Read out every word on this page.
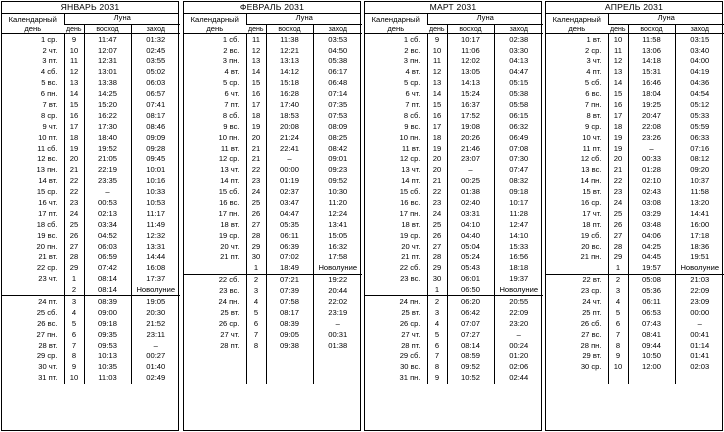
ЯНВАРЬ 2031
Календарный
день	Луна		
	день	восход	заход
1 ср.	9	11:47	01:32
2 чт.	10	12:07	02:45
3 пт.	11	12:31	03:55
4 сб.	12	13:01	05:02
5 вс.	13	13:38	06:03
6 пн.	14	14:25	06:57
7 вт.	15	15:20	07:41
8 ср.	16	16:22	08:17
9 чт.	17	17:30	08:46
10 пт.	18	18:40	09:09
11 сб.	19	19:52	09:28
12 вс.	20	21:05	09:45
13 пн.	21	22:19	10:01
14 вт.	22	23:35	10:16
15 ср.	22	–	10:33
16 чт.	23	00:53	10:53
17 пт.	24	02:13	11:17
18 сб.	25	03:34	11:49
19 вс.	26	04:52	12:32
20 пн.	27	06:03	13:31
21 вт.	28	06:59	14:44
22 ср.	29	07:42	16:08
23 чт.	1	08:14	17:37
	2	08:14	Новолуние
24 пт.	3	08:39	19:05
25 сб.	4	09:00	20:30
26 вс.	5	09:18	21:52
27 пн.	6	09:35	23:11
28 вт.	7	09:53	–
29 ср.	8	10:13	00:27
30 чт.	9	10:35	01:40
31 пт.	10	11:03	02:49
ФЕВРАЛЬ 2031
Календарный
день	Луна		
	день	восход	заход
1 сб.	11	11:38	03:53
2 вс.	12	12:21	04:50
3 пн.	13	13:13	05:38
4 вт.	14	14:12	06:17
5 ср.	15	15:18	06:48
6 чт.	16	16:28	07:14
7 пт.	17	17:40	07:35
8 сб.	18	18:53	07:53
9 вс.	19	20:08	08:09
10 пн.	20	21:24	08:25
11 вт.	21	22:41	08:42
12 ср.	21	–	09:01
13 чт.	22	00:00	09:23
14 пт.	23	01:19	09:52
15 сб.	24	02:37	10:30
16 вс.	25	03:47	11:20
17 пн.	26	04:47	12:24
18 вт.	27	05:35	13:41
19 ср.	28	06:11	15:05
20 чт.	29	06:39	16:32
21 пт.	30	07:02	17:58
	1	18:49	Новолуние
22 сб.	2	07:21	19:22
23 вс.	3	07:39	20:44
24 пн.	4	07:58	22:02
25 вт.	5	08:17	23:19
26 ср.	6	08:39	–
27 чт.	7	09:05	00:31
28 пт.	8	09:38	01:38

МАРТ 2031
Календарный
день	Луна		
	день	восход	заход
1 сб.	9	10:17	02:38
2 вс.	10	11:06	03:30
3 пн.	11	12:02	04:13
4 вт.	12	13:05	04:47
5 ср.	13	14:13	05:15
6 чт.	14	15:24	05:38
7 пт.	15	16:37	05:58
8 сб.	16	17:52	06:15
9 вс.	17	19:08	06:32
10 пн.	18	20:26	06:49
11 вт.	19	21:46	07:08
12 ср.	20	23:07	07:30
13 чт.	20	–	07:47
14 пт.	21	00:25	08:32
15 сб.	22	01:38	09:18
16 вс.	23	02:40	10:17
17 пн.	24	03:31	11:28
18 вт.	25	04:10	12:47
19 ср.	26	04:40	14:10
20 чт.	27	05:04	15:33
21 пт.	28	05:24	16:56
22 сб.	29	05:43	18:18
23 вс.	30	06:01	19:37
	1	06:50	Новолуние
24 пн.	2	06:20	20:55
25 вт.	3	06:42	22:09
26 ср.	4	07:07	23:20
27 чт.	5	07:27	–
28 пт.	6	08:14	00:24
29 сб.	7	08:59	01:20
30 вс.	8	09:52	02:06
31 пн.	9	10:52	02:44
АПРЕЛЬ 2031
Календарный
день	Луна		
	день	восход	заход
1 вт.	10	11:58	03:15
2 ср.	11	13:06	03:40
3 чт.	12	14:18	04:00
4 пт.	13	15:31	04:19
5 сб.	14	16:46	04:36
6 вс.	15	18:04	04:54
7 пн.	16	19:25	05:12
8 вт.	17	20:47	05:33
9 ср.	18	22:08	05:59
10 чт.	19	23:26	06:33
11 пт.	19	–	07:16
12 сб.	20	00:33	08:12
13 вс.	21	01:28	09:20
14 пн.	22	02:10	10:37
15 вт.	23	02:43	11:58
16 ср.	24	03:08	13:20
17 чт.	25	03:29	14:41
18 пт.	26	03:48	16:00
19 сб.	27	04:06	17:18
20 вс.	28	04:25	18:36
21 пн.	29	04:45	19:51
	1	19:57	Новолуние
22 вт.	2	05:08	21:03
23 ср.	3	05:36	22:09
24 чт.	4	06:11	23:09
25 пт.	5	06:53	00:00
26 сб.	6	07:43	–
27 вс.	7	08:41	00:41
28 пн.	8	09:44	01:14
29 вт.	9	10:50	01:41
30 ср.	10	12:00	02:03
